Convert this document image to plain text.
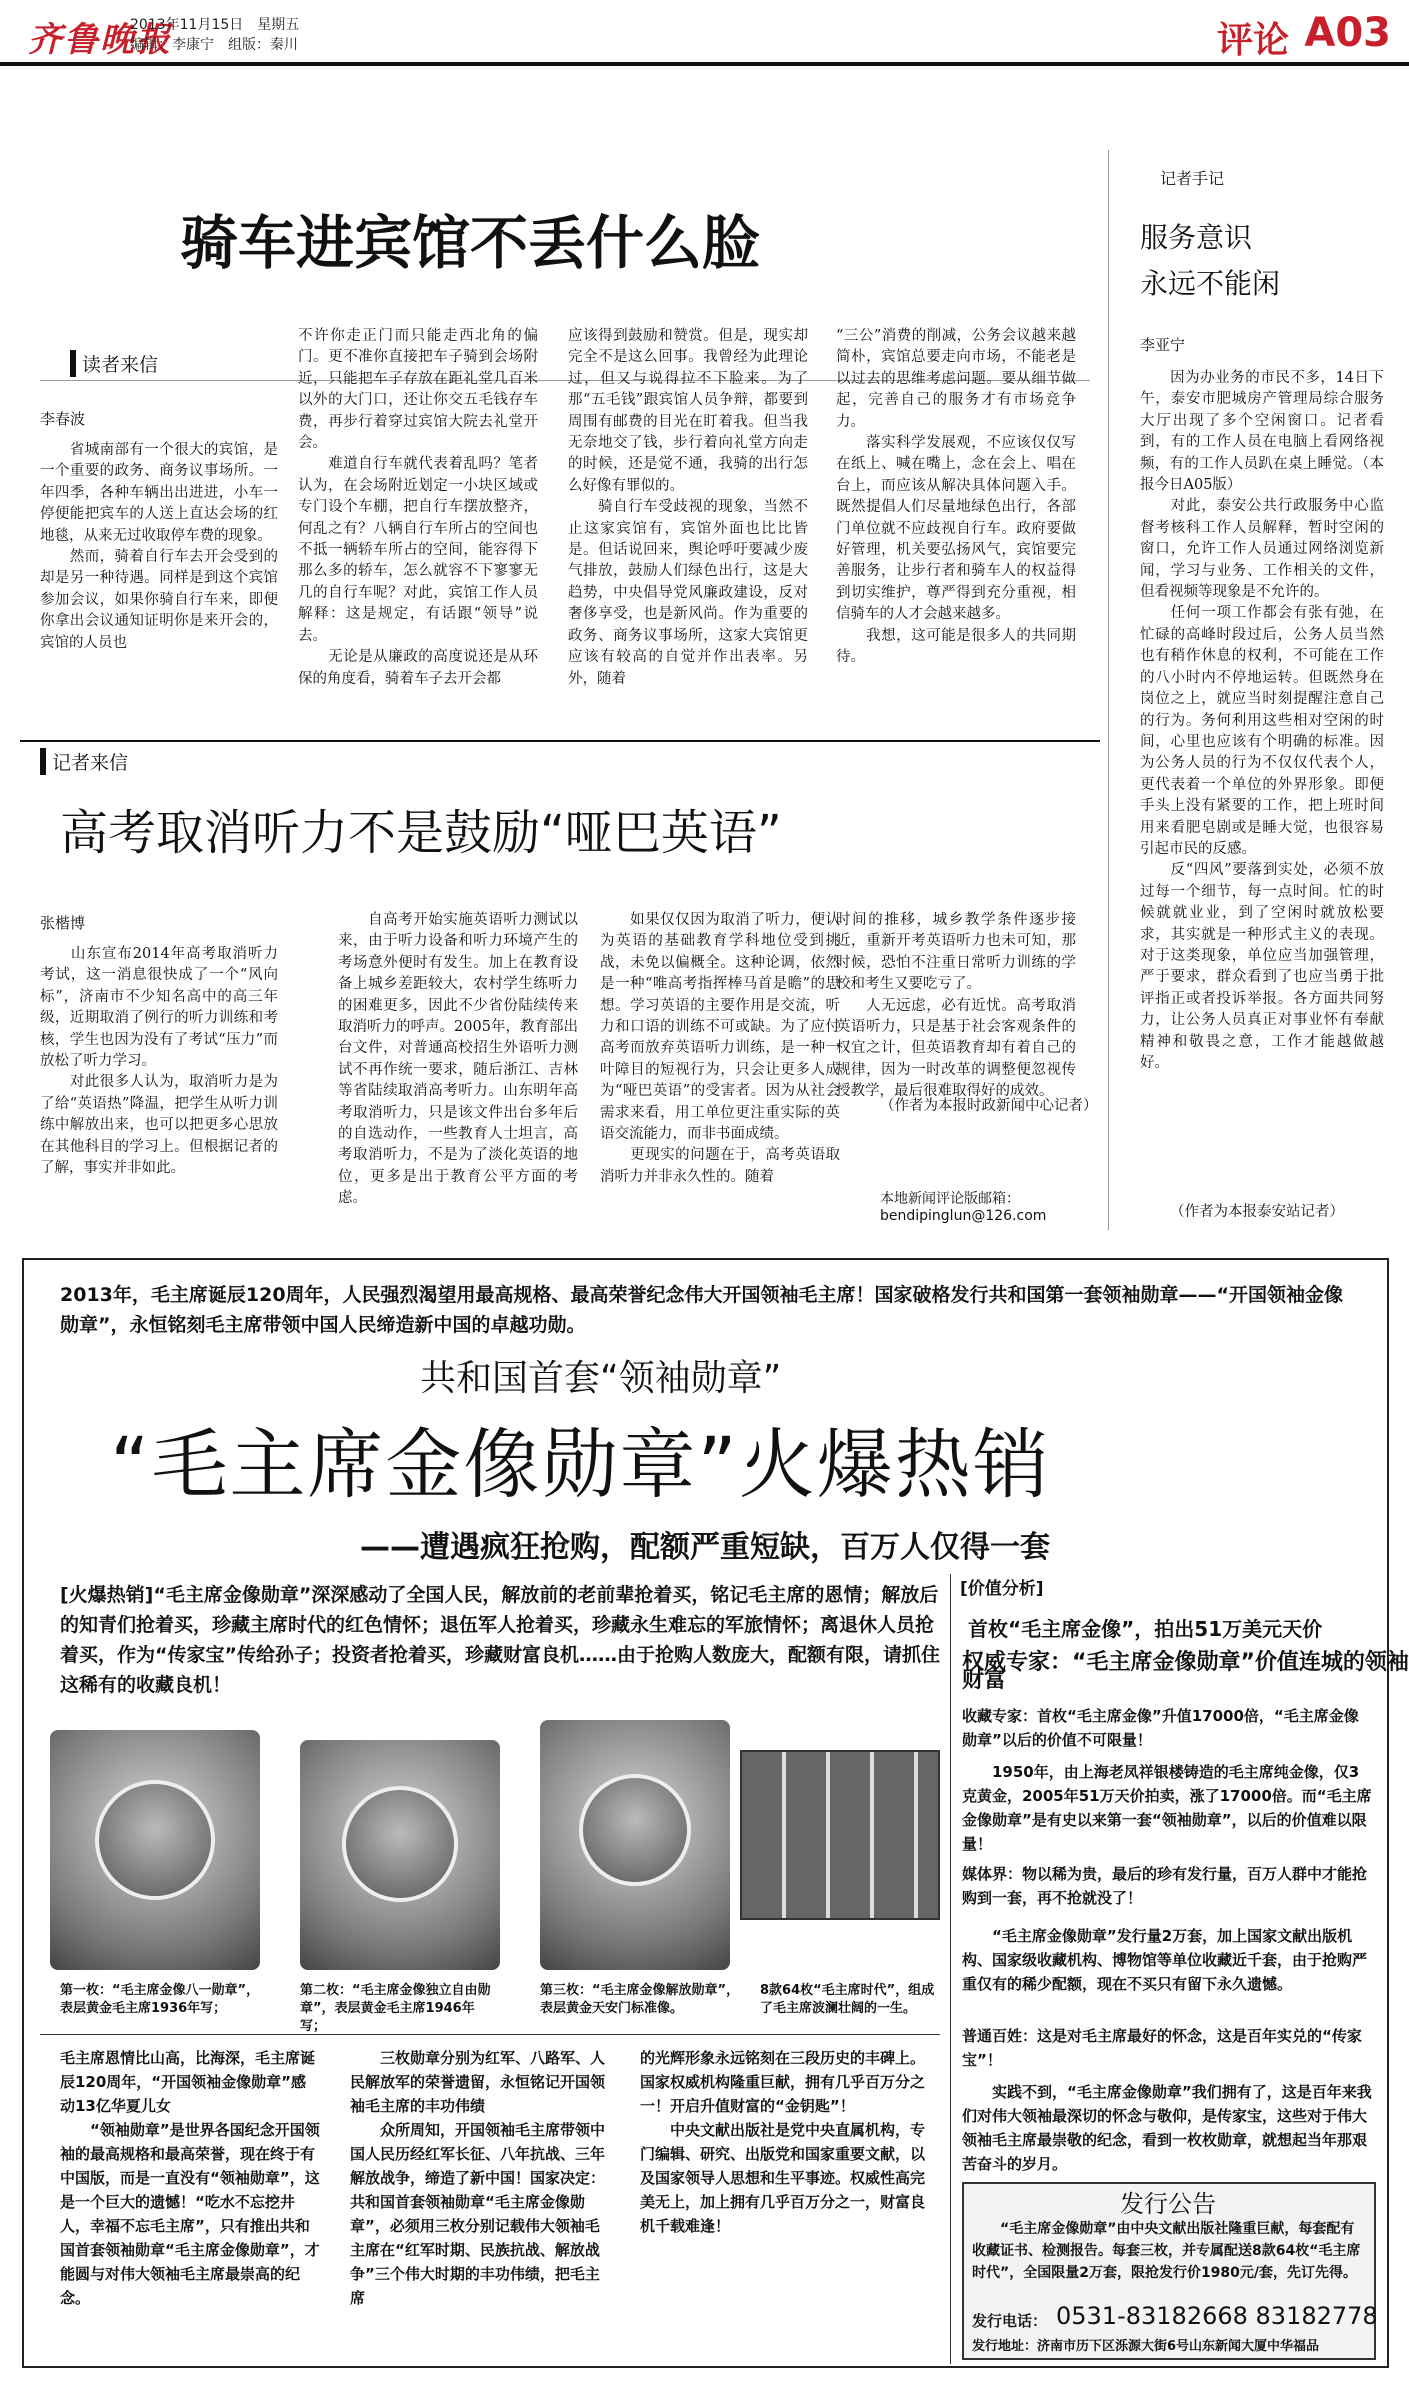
齐鲁晚报
2013年11月15日　星期五
编辑：李康宁　组版：秦川	评论 A03
骑车进宾馆不丢什么脸
读者来信
李春波
　　省城南部有一个很大的宾馆，是一个重要的政务、商务议事场所。一年四季，各种车辆出出进进，小车一停便能把宾车的人送上直达会场的红地毯，从来无过收取停车费的现象。
　　然而，骑着自行车去开会受到的却是另一种待遇。同样是到这个宾馆参加会议，如果你骑自行车来，即便你拿出会议通知证明你是来开会的，宾馆的人员也
不许你走正门而只能走西北角的偏门。更不准你直接把车子骑到会场附近，只能把车子存放在距礼堂几百米以外的大门口，还让你交五毛钱存车费，再步行着穿过宾馆大院去礼堂开会。
　　难道自行车就代表着乱吗？笔者认为，在会场附近划定一小块区域或专门设个车棚，把自行车摆放整齐，何乱之有？八辆自行车所占的空间也不抵一辆轿车所占的空间，能容得下那么多的轿车，怎么就容不下寥寥无几的自行车呢？对此，宾馆工作人员解释：这是规定，有话跟“领导”说去。
　　无论是从廉政的高度说还是从环保的角度看，骑着车子去开会都
应该得到鼓励和赞赏。但是，现实却完全不是这么回事。我曾经为此理论过，但又与说得拉不下脸来。为了那“五毛钱”跟宾馆人员争辩，都要到周围有邮费的目光在盯着我。但当我无奈地交了钱，步行着向礼堂方向走的时候，还是觉不通，我骑的出行怎么好像有罪似的。
　　骑自行车受歧视的现象，当然不止这家宾馆有，宾馆外面也比比皆是。但话说回来，舆论呼吁要减少废气排放，鼓励人们绿色出行，这是大趋势，中央倡导党风廉政建设，反对奢侈享受，也是新风尚。作为重要的政务、商务议事场所，这家大宾馆更应该有较高的自觉并作出表率。另外，随着
“三公”消费的削减，公务会议越来越简朴，宾馆总要走向市场，不能老是以过去的思维考虑问题。要从细节做起，完善自己的服务才有市场竞争力。
　　落实科学发展观，不应该仅仅写在纸上、喊在嘴上，念在会上、唱在台上，而应该从解决具体问题入手。既然提倡人们尽量地绿色出行，各部门单位就不应歧视自行车。政府要做好管理，机关要弘扬风气，宾馆要完善服务，让步行者和骑车人的权益得到切实维护，尊严得到充分重视，相信骑车的人才会越来越多。
　　我想，这可能是很多人的共同期待。
记者手记
服务意识
永远不能闲
李亚宁
　　因为办业务的市民不多，14日下午，泰安市肥城房产管理局综合服务大厅出现了多个空闲窗口。记者看到，有的工作人员在电脑上看网络视频，有的工作人员趴在桌上睡觉。（本报今日A05版）
　　对此，泰安公共行政服务中心监督考核科工作人员解释，暂时空闲的窗口，允许工作人员通过网络浏览新闻，学习与业务、工作相关的文件，但看视频等现象是不允许的。
　　任何一项工作都会有张有弛，在忙碌的高峰时段过后，公务人员当然也有稍作休息的权利，不可能在工作的八小时内不停地运转。但既然身在岗位之上，就应当时刻提醒注意自己的行为。务何利用这些相对空闲的时间，心里也应该有个明确的标准。因为公务人员的行为不仅仅代表个人，更代表着一个单位的外界形象。即便手头上没有紧要的工作，把上班时间用来看肥皂剧或是睡大觉，也很容易引起市民的反感。
　　反“四风”要落到实处，必须不放过每一个细节，每一点时间。忙的时候就就业业，到了空闲时就放松要求，其实就是一种形式主义的表现。对于这类现象，单位应当加强管理，严于要求，群众看到了也应当勇于批评指正或者投诉举报。各方面共同努力，让公务人员真正对事业怀有奉献精神和敬畏之意，工作才能越做越好。
（作者为本报泰安站记者）
记者来信
高考取消听力不是鼓励“哑巴英语”
张楷博
　　山东宣布2014年高考取消听力考试，这一消息很快成了一个“风向标”，济南市不少知名高中的高三年级，近期取消了例行的听力训练和考核，学生也因为没有了考试“压力”而放松了听力学习。
　　对此很多人认为，取消听力是为了给“英语热”降温，把学生从听力训练中解放出来，也可以把更多心思放在其他科目的学习上。但根据记者的了解，事实并非如此。
　　自高考开始实施英语听力测试以来，由于听力设备和听力环境产生的考场意外便时有发生。加上在教育设备上城乡差距较大，农村学生练听力的困难更多，因此不少省份陆续传来取消听力的呼声。2005年，教育部出台文件，对普通高校招生外语听力测试不再作统一要求，随后浙江、吉林等省陆续取消高考听力。山东明年高考取消听力，只是该文件出台多年后的自选动作，一些教育人士坦言，高考取消听力，不是为了淡化英语的地位，更多是出于教育公平方面的考虑。
　　如果仅仅因为取消了听力，便认为英语的基础教育学科地位受到挑战，未免以偏概全。这种论调，依然是一种“唯高考指挥棒马首是瞻”的思想。学习英语的主要作用是交流，听力和口语的训练不可或缺。为了应付高考而放弃英语听力训练，是一种一叶障目的短视行为，只会让更多人成为“哑巴英语”的受害者。因为从社会需求来看，用工单位更注重实际的英语交流能力，而非书面成绩。
　　更现实的问题在于，高考英语取消听力并非永久性的。随着
时间的推移，城乡教学条件逐步接近，重新开考英语听力也未可知，那时候，恐怕不注重日常听力训练的学校和考生又要吃亏了。
　　人无远虑，必有近忧。高考取消英语听力，只是基于社会客观条件的权宜之计，但英语教育却有着自己的规律，因为一时改革的调整便忽视传授教学，最后很难取得好的成效。
（作者为本报时政新闻中心记者）
本地新闻评论版邮箱：
bendipinglun@126.com
2013年，毛主席诞辰120周年，人民强烈渴望用最高规格、最高荣誉纪念伟大开国领袖毛主席！国家破格发行共和国第一套领袖勋章——“开国领袖金像勋章”，永恒铭刻毛主席带领中国人民缔造新中国的卓越功勋。
共和国首套“领袖勋章”
“毛主席金像勋章”火爆热销
——遭遇疯狂抢购，配额严重短缺，百万人仅得一套
[火爆热销]“毛主席金像勋章”深深感动了全国人民，解放前的老前辈抢着买，铭记毛主席的恩情；解放后的知青们抢着买，珍藏主席时代的红色情怀；退伍军人抢着买，珍藏永生难忘的军旅情怀；离退休人员抢着买，作为“传家宝”传给孙子；投资者抢着买，珍藏财富良机……由于抢购人数庞大，配额有限，请抓住这稀有的收藏良机！
第一枚：“毛主席金像八一勋章”，表层黄金毛主席1936年写；
第二枚：“毛主席金像独立自由勋章”，表层黄金毛主席1946年写；
第三枚：“毛主席金像解放勋章”，表层黄金天安门标准像。
8款64枚“毛主席时代”，组成了毛主席波澜壮阔的一生。
毛主席恩情比山高，比海深，毛主席诞辰120周年，“开国领袖金像勋章”感动13亿华夏儿女
　　“领袖勋章”是世界各国纪念开国领袖的最高规格和最高荣誉，现在终于有中国版，而是一直没有“领袖勋章”，这是一个巨大的遗憾！“吃水不忘挖井人，幸福不忘毛主席”，只有推出共和国首套领袖勋章“毛主席金像勋章”，才能圆与对伟大领袖毛主席最崇高的纪念。
　　三枚勋章分别为红军、八路军、人民解放军的荣誉遗留，永恒铭记开国领袖毛主席的丰功伟绩
　　众所周知，开国领袖毛主席带领中国人民历经红军长征、八年抗战、三年解放战争，缔造了新中国！国家决定：共和国首套领袖勋章“毛主席金像勋章”，必须用三枚分别记载伟大领袖毛主席在“红军时期、民族抗战、解放战争”三个伟大时期的丰功伟绩，把毛主席
的光辉形象永远铭刻在三段历史的丰碑上。
国家权威机构隆重巨献，拥有几乎百万分之一！开启升值财富的“金钥匙”！
　　中央文献出版社是党中央直属机构，专门编辑、研究、出版党和国家重要文献，以及国家领导人思想和生平事迹。权威性高完美无上，加上拥有几乎百万分之一，财富良机千载难逢！
[价值分析]
首枚“毛主席金像”，拍出51万美元天价
权威专家：“毛主席金像勋章”价值连城的领袖财富
收藏专家：首枚“毛主席金像”升值17000倍，“毛主席金像勋章”以后的价值不可限量！
　　1950年，由上海老凤祥银楼铸造的毛主席纯金像，仅3克黄金，2005年51万天价拍卖，涨了17000倍。而“毛主席金像勋章”是有史以来第一套“领袖勋章”，以后的价值难以限量！
媒体界：物以稀为贵，最后的珍有发行量，百万人群中才能抢购到一套，再不抢就没了！
　　“毛主席金像勋章”发行量2万套，加上国家文献出版机构、国家级收藏机构、博物馆等单位收藏近千套，由于抢购严重仅有的稀少配额，现在不买只有留下永久遗憾。
普通百姓：这是对毛主席最好的怀念，这是百年实兑的“传家宝”！
　　实践不到，“毛主席金像勋章”我们拥有了，这是百年来我们对伟大领袖最深切的怀念与敬仰，是传家宝，这些对于伟大领袖毛主席最崇敬的纪念，看到一枚枚勋章，就想起当年那艰苦奋斗的岁月。
发行公告
　　“毛主席金像勋章”由中央文献出版社隆重巨献，每套配有收藏证书、检测报告。每套三枚，并专属配送8款64枚“毛主席时代”，全国限量2万套，限抢发行价1980元/套，先订先得。
发行电话： 0531-83182668 83182778
发行地址：济南市历下区泺源大街6号山东新闻大厦中华福品
